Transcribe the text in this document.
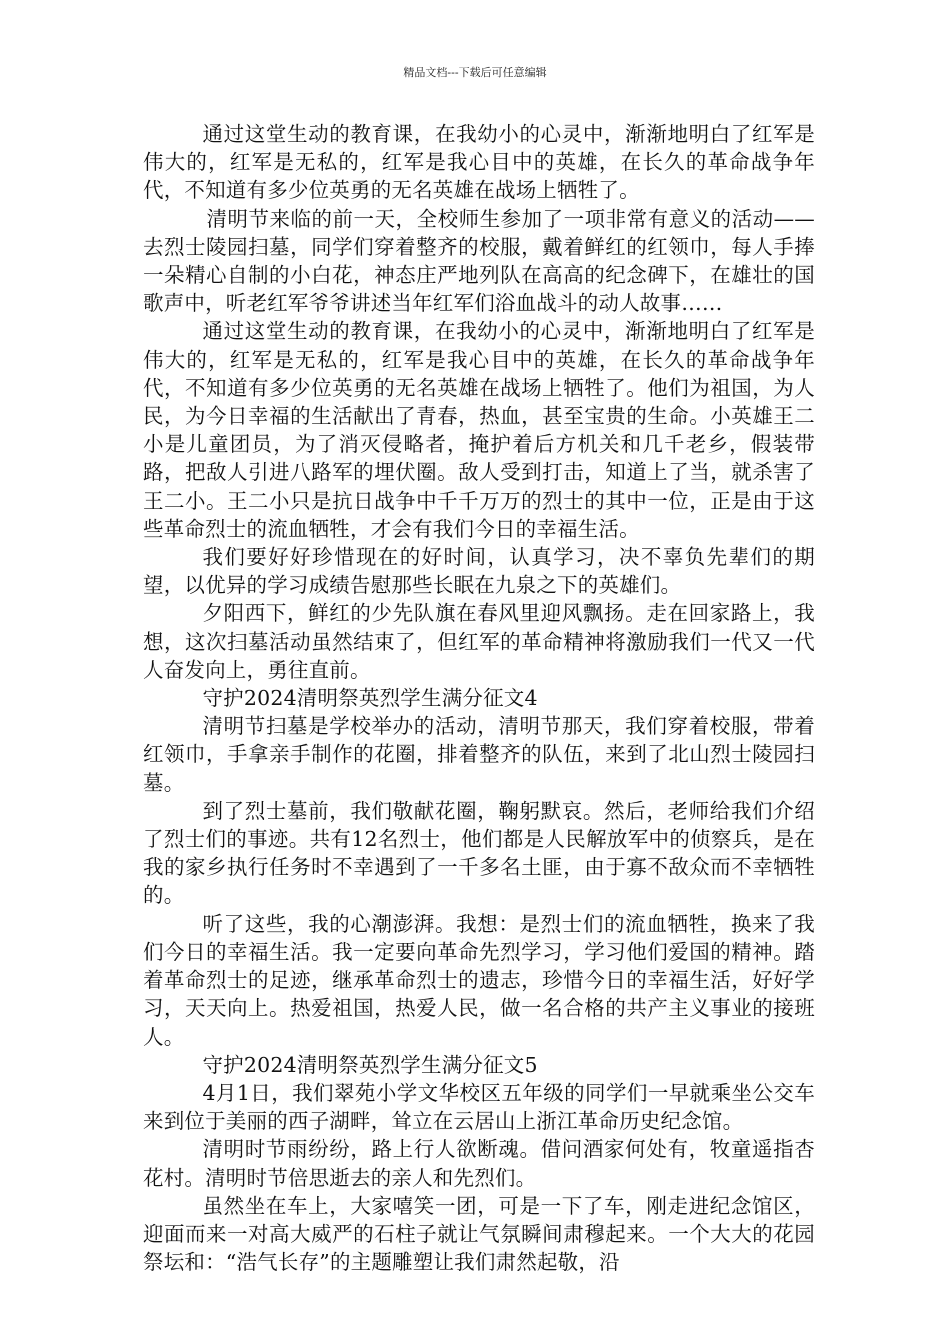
精品文档---下载后可任意编辑

通过这堂生动的教育课，在我幼小的心灵中，渐渐地明白了红军是伟大的，红军是无私的，红军是我心目中的英雄，在长久的革命战争年代，不知道有多少位英勇的无名英雄在战场上牺牲了。

清明节来临的前一天，全校师生参加了一项非常有意义的活动——去烈士陵园扫墓，同学们穿着整齐的校服，戴着鲜红的红领巾，每人手捧一朵精心自制的小白花，神态庄严地列队在高高的纪念碑下，在雄壮的国歌声中，听老红军爷爷讲述当年红军们浴血战斗的动人故事……

通过这堂生动的教育课，在我幼小的心灵中，渐渐地明白了红军是伟大的，红军是无私的，红军是我心目中的英雄，在长久的革命战争年代，不知道有多少位英勇的无名英雄在战场上牺牲了。他们为祖国，为人民，为今日幸福的生活献出了青春，热血，甚至宝贵的生命。小英雄王二小是儿童团员，为了消灭侵略者，掩护着后方机关和几千老乡，假装带路，把敌人引进八路军的埋伏圈。敌人受到打击，知道上了当，就杀害了王二小。王二小只是抗日战争中千千万万的烈士的其中一位，正是由于这些革命烈士的流血牺牲，才会有我们今日的幸福生活。

我们要好好珍惜现在的好时间，认真学习，决不辜负先辈们的期望，以优异的学习成绩告慰那些长眠在九泉之下的英雄们。

夕阳西下，鲜红的少先队旗在春风里迎风飘扬。走在回家路上，我想，这次扫墓活动虽然结束了，但红军的革命精神将激励我们一代又一代人奋发向上，勇往直前。

守护2024清明祭英烈学生满分征文4

清明节扫墓是学校举办的活动，清明节那天，我们穿着校服，带着红领巾，手拿亲手制作的花圈，排着整齐的队伍，来到了北山烈士陵园扫墓。

到了烈士墓前，我们敬献花圈，鞠躬默哀。然后，老师给我们介绍了烈士们的事迹。共有12名烈士，他们都是人民解放军中的侦察兵，是在我的家乡执行任务时不幸遇到了一千多名土匪，由于寡不敌众而不幸牺牲的。

听了这些，我的心潮澎湃。我想：是烈士们的流血牺牲，换来了我们今日的幸福生活。我一定要向革命先烈学习，学习他们爱国的精神。踏着革命烈士的足迹，继承革命烈士的遗志，珍惜今日的幸福生活，好好学习，天天向上。热爱祖国，热爱人民，做一名合格的共产主义事业的接班人。

守护2024清明祭英烈学生满分征文5

4月1日，我们翠苑小学文华校区五年级的同学们一早就乘坐公交车来到位于美丽的西子湖畔，耸立在云居山上浙江革命历史纪念馆。

清明时节雨纷纷，路上行人欲断魂。借问酒家何处有，牧童遥指杏花村。清明时节倍思逝去的亲人和先烈们。

虽然坐在车上，大家嘻笑一团，可是一下了车，刚走进纪念馆区，迎面而来一对高大威严的石柱子就让气氛瞬间肃穆起来。一个大大的花园祭坛和：“浩气长存”的主题雕塑让我们肃然起敬，沿
